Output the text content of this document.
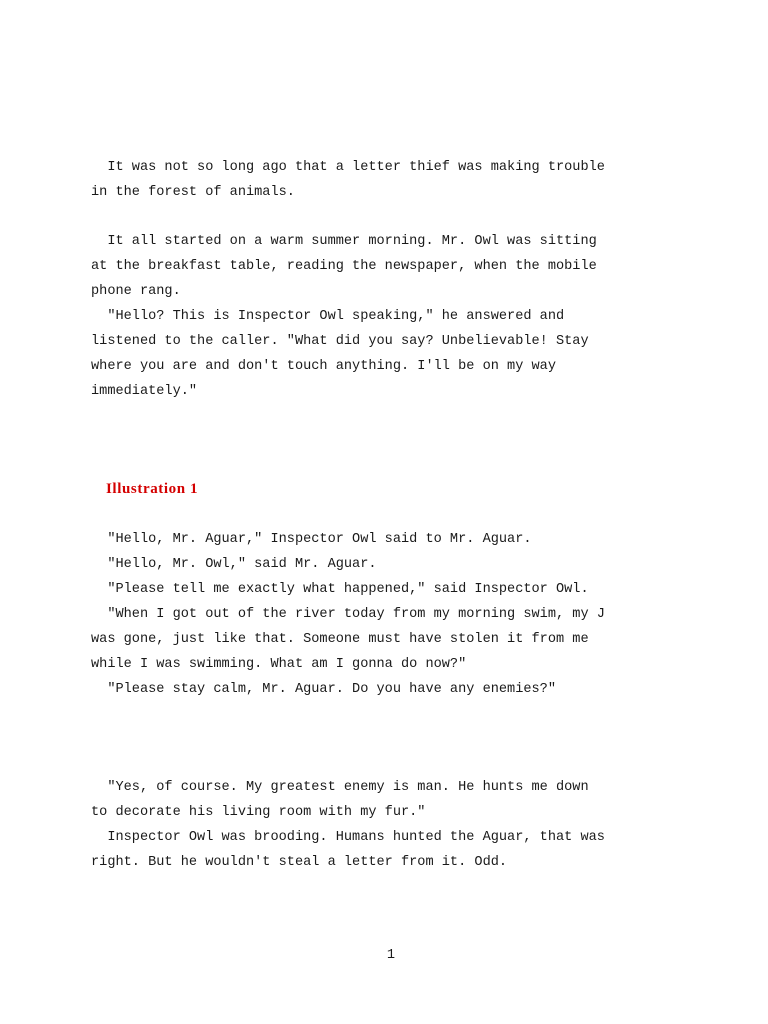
It was not so long ago that a letter thief was making trouble
in the forest of animals.
It all started on a warm summer morning. Mr. Owl was sitting
at the breakfast table, reading the newspaper, when the mobile
phone rang.
"Hello? This is Inspector Owl speaking," he answered and
listened to the caller. "What did you say? Unbelievable! Stay
where you are and don't touch anything. I'll be on my way
immediately."
Illustration 1
"Hello, Mr. Aguar," Inspector Owl said to Mr. Aguar.
"Hello, Mr. Owl," said Mr. Aguar.
"Please tell me exactly what happened," said Inspector Owl.
"When I got out of the river today from my morning swim, my J
was gone, just like that. Someone must have stolen it from me
while I was swimming. What am I gonna do now?"
"Please stay calm, Mr. Aguar. Do you have any enemies?"
"Yes, of course. My greatest enemy is man. He hunts me down
to decorate his living room with my fur."
Inspector Owl was brooding. Humans hunted the Aguar, that was
right. But he wouldn't steal a letter from it. Odd.
1
